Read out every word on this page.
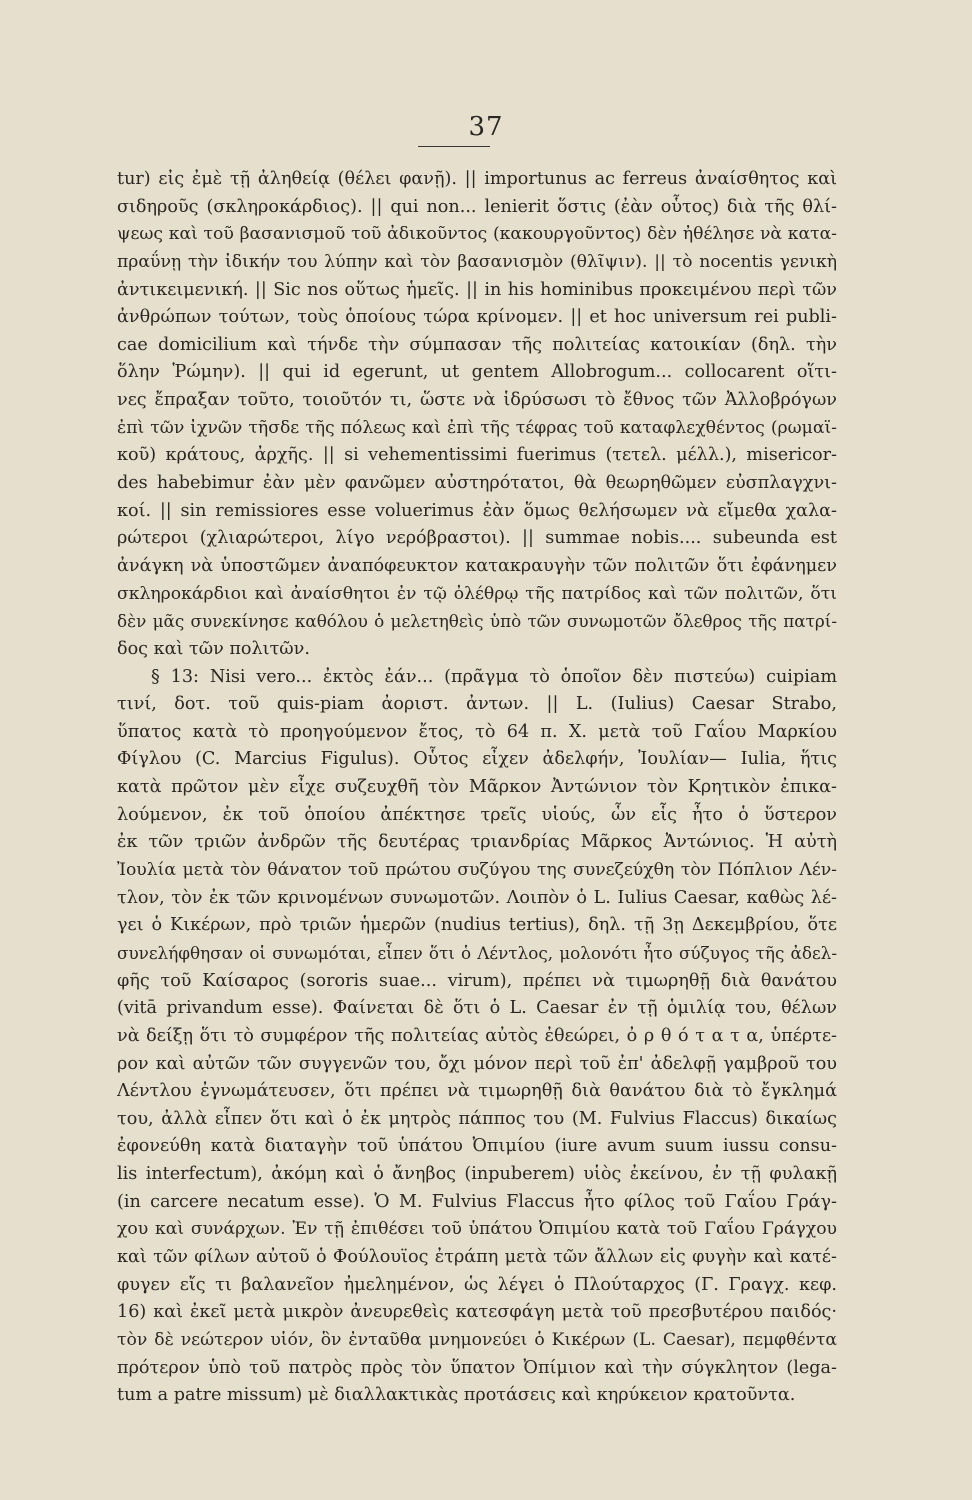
37
tur) εἰς ἐμὲ τῇ ἀληθείᾳ (θέλει φανῇ). || importunus ac ferreus ἀναίσθητος καὶ
σιδηροῦς (σκληροκάρδιος). || qui non... lenierit ὅστις (ἐὰν οὗτος) διὰ τῆς θλί-
ψεως καὶ τοῦ βασανισμοῦ τοῦ ἀδικοῦντος (κακουργοῦντος) δὲν ἠθέλησε νὰ κατα-
πραΰνῃ τὴν ἰδικήν του λύπην καὶ τὸν βασανισμὸν (θλῖψιν). || τὸ nocentis γενικὴ
ἀντικειμενική. || Sic nos οὕτως ἡμεῖς. || in his hominibus προκειμένου περὶ τῶν
ἀνθρώπων τούτων, τοὺς ὁποίους τώρα κρίνομεν. || et hoc universum rei publi-
cae domicilium καὶ τήνδε τὴν σύμπασαν τῆς πολιτείας κατοικίαν (δηλ. τὴν
ὅλην Ῥώμην). || qui id egerunt, ut gentem Allobrogum... collocarent οἵτι-
νες ἔπραξαν τοῦτο, τοιοῦτόν τι, ὥστε νὰ ἱδρύσωσι τὸ ἔθνος τῶν Ἀλλοβρόγων
ἐπὶ τῶν ἰχνῶν τῆσδε τῆς πόλεως καὶ ἐπὶ τῆς τέφρας τοῦ καταφλεχθέντος (ρωμαϊ-
κοῦ) κράτους, ἀρχῆς. || si vehementissimi fuerimus (τετελ. μέλλ.), misericor-
des habebimur ἐὰν μὲν φανῶμεν αὐστηρότατοι, θὰ θεωρηθῶμεν εὐσπλαγχνι-
κοί. || sin remissiores esse voluerimus ἐὰν ὅμως θελήσωμεν νὰ εἴμεθα χαλα-
ρώτεροι (χλιαρώτεροι, λίγο νερόβραστοι). || summae nobis.... subeunda est
ἀνάγκη νὰ ὑποστῶμεν ἀναπόφευκτον κατακραυγὴν τῶν πολιτῶν ὅτι ἐφάνημεν
σκληροκάρδιοι καὶ ἀναίσθητοι ἐν τῷ ὀλέθρῳ τῆς πατρίδος καὶ τῶν πολιτῶν, ὅτι
δὲν μᾶς συνεκίνησε καθόλου ὁ μελετηθεὶς ὑπὸ τῶν συνωμοτῶν ὄλεθρος τῆς πατρί-
δος καὶ τῶν πολιτῶν.
§ 13: Nisi vero... ἐκτὸς ἐάν... (πρᾶγμα τὸ ὁποῖον δὲν πιστεύω) cuipiam
τινί, δοτ. τοῦ quis-piam ἀοριστ. ἀντων. || L. (Iulius) Caesar Strabo,
ὕπατος κατὰ τὸ προηγούμενον ἔτος, τὸ 64 π. Χ. μετὰ τοῦ Γαΐου Μαρκίου
Φίγλου (C. Marcius Figulus). Οὗτος εἶχεν ἀδελφήν, Ἰουλίαν— Iulia, ἥτις
κατὰ πρῶτον μὲν εἶχε συζευχθῆ τὸν Μᾶρκον Ἀντώνιον τὸν Κρητικὸν ἐπικα-
λούμενον, ἐκ τοῦ ὁποίου ἀπέκτησε τρεῖς υἱούς, ὧν εἷς ἦτο ὁ ὕστερον
ἐκ τῶν τριῶν ἀνδρῶν τῆς δευτέρας τριανδρίας Μᾶρκος Ἀντώνιος. Ἡ αὐτὴ
Ἰουλία μετὰ τὸν θάνατον τοῦ πρώτου συζύγου της συνεζεύχθη τὸν Πόπλιον Λέν-
τλον, τὸν ἐκ τῶν κρινομένων συνωμοτῶν. Λοιπὸν ὁ L. Iulius Caesar, καθὼς λέ-
γει ὁ Κικέρων, πρὸ τριῶν ἡμερῶν (nudius tertius), δηλ. τῇ 3ῃ Δεκεμβρίου, ὅτε
συνελήφθησαν οἱ συνωμόται, εἶπεν ὅτι ὁ Λέντλος, μολονότι ἦτο σύζυγος τῆς ἀδελ-
φῆς τοῦ Καίσαρος (sororis suae... virum), πρέπει νὰ τιμωρηθῇ διὰ θανάτου
(vitā privandum esse). Φαίνεται δὲ ὅτι ὁ L. Caesar ἐν τῇ ὁμιλίᾳ του, θέλων
νὰ δείξῃ ὅτι τὸ συμφέρον τῆς πολιτείας αὐτὸς ἐθεώρει, ὀ ρ θ ό τ α τ α, ὑπέρτε-
ρον καὶ αὐτῶν τῶν συγγενῶν του, ὄχι μόνον περὶ τοῦ ἐπ' ἀδελφῇ γαμβροῦ του
Λέντλου ἐγνωμάτευσεν, ὅτι πρέπει νὰ τιμωρηθῇ διὰ θανάτου διὰ τὸ ἔγκλημά
του, ἀλλὰ εἶπεν ὅτι καὶ ὁ ἐκ μητρὸς πάππος του (M. Fulvius Flaccus) δικαίως
ἐφονεύθη κατὰ διαταγὴν τοῦ ὑπάτου Ὀπιμίου (iure avum suum iussu consu-
lis interfectum), ἀκόμη καὶ ὁ ἄνηβος (inpuberem) υἱὸς ἐκείνου, ἐν τῇ φυλακῇ
(in carcere necatum esse). Ὁ M. Fulvius Flaccus ἦτο φίλος τοῦ Γαΐου Γράγ-
χου καὶ συνάρχων. Ἐν τῇ ἐπιθέσει τοῦ ὑπάτου Ὀπιμίου κατὰ τοῦ Γαΐου Γράγχου
καὶ τῶν φίλων αὐτοῦ ὁ Φούλουϊος ἐτράπη μετὰ τῶν ἄλλων εἰς φυγὴν καὶ κατέ-
φυγεν εἴς τι βαλανεῖον ἠμελημένον, ὡς λέγει ὁ Πλούταρχος (Γ. Γραγχ. κεφ.
16) καὶ ἐκεῖ μετὰ μικρὸν ἀνευρεθεὶς κατεσφάγη μετὰ τοῦ πρεσβυτέρου παιδός·
τὸν δὲ νεώτερον υἱόν, ὃν ἐνταῦθα μνημονεύει ὁ Κικέρων (L. Caesar), πεμφθέντα
πρότερον ὑπὸ τοῦ πατρὸς πρὸς τὸν ὕπατον Ὀπίμιον καὶ τὴν σύγκλητον (lega-
tum a patre missum) μὲ διαλλακτικὰς προτάσεις καὶ κηρύκειον κρατοῦντα.
